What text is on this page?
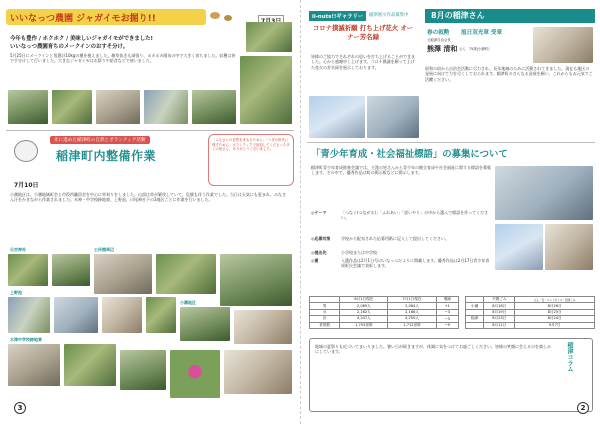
いいなっつ農園 ジャガイモお掘り!!
今年も豊作 / ホクホク / 美味しいジャガイモができました!
いいなっつ農園育ちのメークインのおすそ分け。
5月25日にメークインと男爵計10kgの種を植えました。雑草抜きも頑張り、ポカポカ陽気の中で大きく育ちました。収穫は皆で手分けして行いました。大きなジャガイモはお祭りや給食などで使いました。
先に進めた稲津町の自然とボランティア活動
稲津町内整備作業
7月10日
「ふるさとの自然をまもるために」「つぎの世代に残すために」ボランティアで参加してくださった多くの皆さん、ありがとうございました。
小潮地区は、小潮地域町会と市役所職員会を中心に草刈りをしました。山頂は草が繁茂していて、危険も伴う作業でした。当日は天気にも恵まれ、みなさん汗をかきながら作業されました。水神・中学校跡地東、上野池、川尾神社下の3地区ごとに作業を行いました。
日吉神社	公民館周辺
上野池
小潮地区
水津中学校跡地東
3
ii-nuts!!ギャラリー	稲津展示作品募集中
コロナ撲滅祈願 打ち上げ花火 オーナー芳名録
皆様のご協力でそれぞれの思いを打ち上げることができました。心から感謝申し上げます。コロナ撲滅を願って上げた花火の芳名録を展示しております。
8月の稲津さん
春の叙勲 旭日双光章 受章
元稲津自治会長
熊澤 清和 さん 75歳(小潮町)
昭和の頃から自治会活動に尽力され、長年地域のために活動されてきました。現在も地区の発展に向けて力を尽くしておられます。稲津町のさらなる発展を願い、これからもお元気でご活躍ください。
「青少年育成・社会福祉標語」の募集について
稲津町青少年育成推進会議では、主派の皆さんから青少年の健全育成や社会福祉に関する標語を募集します。その中で、優秀作品は町の掲示板などに掲示します。
◎テーマ	「つなぐ(つながる)」「ふれあい」「思いやり」の中から選んで標語を作ってください。
◎応募対象	学校から配布された応募用紙に記入して提出してください。
◎提出先	小学校または中学校
◎賞	入選作品は2月1日号のいなっつだよりに掲載します。優秀作品は2月17日青少年育成町民会議で表彰します。
	8月1日現在	7月1日現在	増減
男	2,085人	2,084人	+1
女	2,162人	2,166人	−3
計	4,247人	4,250人	−3
世帯数	1,703世帯	1,712世帯	−9
	不燃ごみ	びん・缶・ペットボトル・危険ごみ
小潮	8月18日	8月26日
	8月19日	8月25日
稲津	8月23日	8月24日
	8月11日	9月7日
地域の夏祭りも近づいてまいりました。暑い日が続きますが、体調に気をつけてお過ごしください。皆様の笑顔に会えるのを楽しみにしています。	稲津コラム
2
